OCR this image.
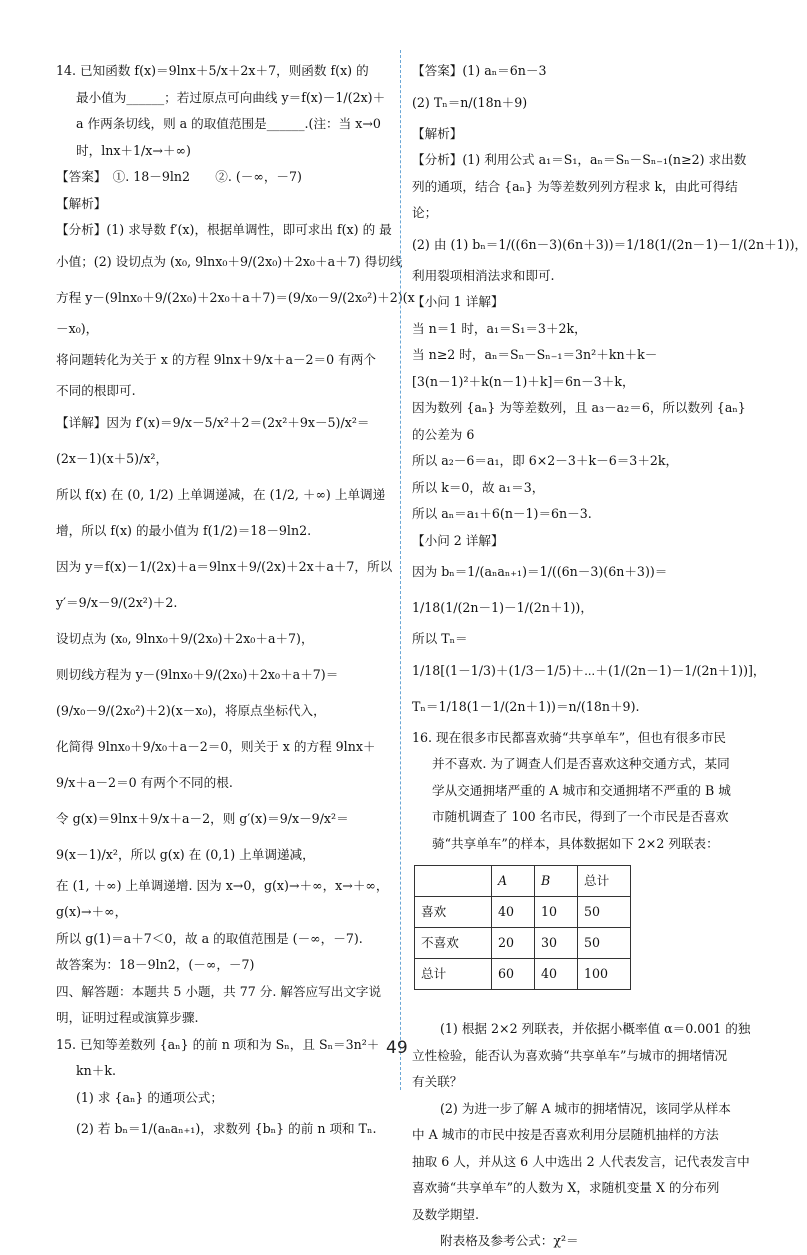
14. 已知函数 f(x)＝9lnx＋5/x＋2x＋7，则函数 f(x) 的
最小值为______；若过原点可向曲线 y＝f(x)－1/(2x)＋
a 作两条切线，则 a 的取值范围是______.(注：当 x→0
时，lnx＋1/x→＋∞)
【答案】　①. 18－9ln2　　②. (－∞，－7)
【解析】
【分析】(1) 求导数 f′(x)，根据单调性，即可求出 f(x) 的 最
小值；(2) 设切点为 (x₀, 9lnx₀＋9/(2x₀)＋2x₀＋a＋7) 得切线
方程 y－(9lnx₀＋9/(2x₀)＋2x₀＋a＋7)＝(9/x₀－9/(2x₀²)＋2)(x
－x₀)，
将问题转化为关于 x 的方程 9lnx＋9/x＋a－2＝0 有两个
不同的根即可.
【详解】因为 f′(x)＝9/x－5/x²＋2＝(2x²＋9x－5)/x²＝
(2x－1)(x＋5)/x²，
所以 f(x) 在 (0, 1/2) 上单调递减，在 (1/2, ＋∞) 上单调递
增，所以 f(x) 的最小值为 f(1/2)＝18－9ln2.
因为 y＝f(x)－1/(2x)＋a＝9lnx＋9/(2x)＋2x＋a＋7，所以
y′＝9/x－9/(2x²)＋2.
设切点为 (x₀, 9lnx₀＋9/(2x₀)＋2x₀＋a＋7)，
则切线方程为 y－(9lnx₀＋9/(2x₀)＋2x₀＋a＋7)＝
(9/x₀－9/(2x₀²)＋2)(x－x₀)，将原点坐标代入，
化简得 9lnx₀＋9/x₀＋a－2＝0，则关于 x 的方程 9lnx＋
9/x＋a－2＝0 有两个不同的根.
令 g(x)＝9lnx＋9/x＋a－2，则 g′(x)＝9/x－9/x²＝
9(x－1)/x²，所以 g(x) 在 (0,1) 上单调递减，
在 (1, ＋∞) 上单调递增. 因为 x→0，g(x)→＋∞，x→＋∞，
g(x)→＋∞，
所以 g(1)＝a＋7＜0，故 a 的取值范围是 (－∞，－7).
故答案为：18－9ln2，(－∞，－7)
四、解答题：本题共 5 小题，共 77 分. 解答应写出文字说
明，证明过程或演算步骤.
15. 已知等差数列 {aₙ} 的前 n 项和为 Sₙ，且 Sₙ＝3n²＋
kn＋k.
(1) 求 {aₙ} 的通项公式；
(2) 若 bₙ＝1/(aₙaₙ₊₁)，求数列 {bₙ} 的前 n 项和 Tₙ.
【答案】(1) aₙ＝6n－3
(2) Tₙ＝n/(18n＋9)
【解析】
【分析】(1) 利用公式 a₁＝S₁，aₙ＝Sₙ－Sₙ₋₁(n≥2) 求出数
列的通项，结合 {aₙ} 为等差数列列方程求 k，由此可得结
论；
(2) 由 (1) bₙ＝1/((6n－3)(6n＋3))＝1/18(1/(2n－1)－1/(2n＋1))，
利用裂项相消法求和即可.
【小问 1 详解】
当 n＝1 时，a₁＝S₁＝3＋2k，
当 n≥2 时，aₙ＝Sₙ－Sₙ₋₁＝3n²＋kn＋k－
[3(n－1)²＋k(n－1)＋k]＝6n－3＋k，
因为数列 {aₙ} 为等差数列，且 a₃－a₂＝6，所以数列 {aₙ}
的公差为 6
所以 a₂－6＝a₁，即 6×2－3＋k－6＝3＋2k，
所以 k＝0，故 a₁＝3，
所以 aₙ＝a₁＋6(n－1)＝6n－3.
【小问 2 详解】
因为 bₙ＝1/(aₙaₙ₊₁)＝1/((6n－3)(6n＋3))＝
1/18(1/(2n－1)－1/(2n＋1))，
所以 Tₙ＝
1/18[(1－1/3)＋(1/3－1/5)＋⋯＋(1/(2n－1)－1/(2n＋1))]，
Tₙ＝1/18(1－1/(2n＋1))＝n/(18n＋9).
16. 现在很多市民都喜欢骑“共享单车”，但也有很多市民
并不喜欢. 为了调查人们是否喜欢这种交通方式，某同
学从交通拥堵严重的 A 城市和交通拥堵不严重的 B 城
市随机调查了 100 名市民，得到了一个市民是否喜欢
骑“共享单车”的样本，具体数据如下 2×2 列联表：
	A	B	总计
喜欢	40	10	50
不喜欢	20	30	50
总计	60	40	100
(1) 根据 2×2 列联表，并依据小概率值 α＝0.001 的独
立性检验，能否认为喜欢骑“共享单车”与城市的拥堵情况
有关联？
(2) 为进一步了解 A 城市的拥堵情况，该同学从样本
中 A 城市的市民中按是否喜欢利用分层随机抽样的方法
抽取 6 人，并从这 6 人中选出 2 人代表发言，记代表发言中
喜欢骑“共享单车”的人数为 X，求随机变量 X 的分布列
及数学期望.
附表格及参考公式：χ²＝
49
